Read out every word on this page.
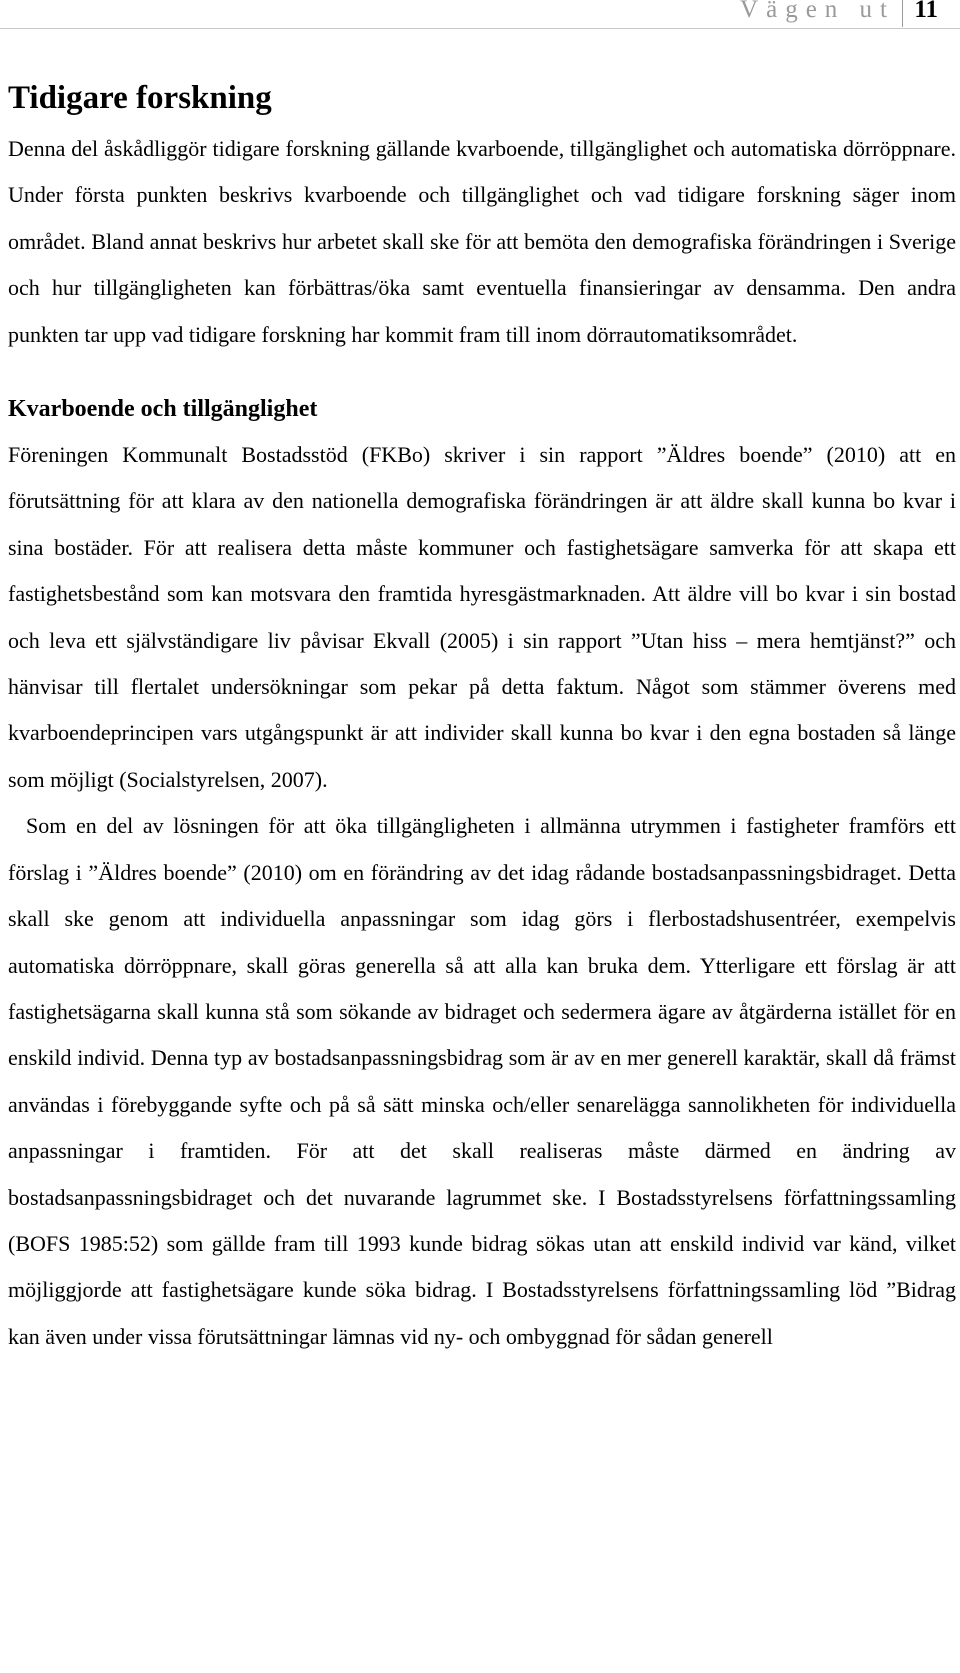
Vägen ut 11
Tidigare forskning

Denna del åskådliggör tidigare forskning gällande kvarboende, tillgänglighet och automatiska dörröppnare. Under första punkten beskrivs kvarboende och tillgänglighet och vad tidigare forskning säger inom området. Bland annat beskrivs hur arbetet skall ske för att bemöta den demografiska förändringen i Sverige och hur tillgängligheten kan förbättras/öka samt eventuella finansieringar av densamma. Den andra punkten tar upp vad tidigare forskning har kommit fram till inom dörrautomatiksområdet.

Kvarboende och tillgänglighet

Föreningen Kommunalt Bostadsstöd (FKBo) skriver i sin rapport ”Äldres boende” (2010) att en förutsättning för att klara av den nationella demografiska förändringen är att äldre skall kunna bo kvar i sina bostäder. För att realisera detta måste kommuner och fastighetsägare samverka för att skapa ett fastighetsbestånd som kan motsvara den framtida hyresgästmarknaden. Att äldre vill bo kvar i sin bostad och leva ett självständigare liv påvisar Ekvall (2005) i sin rapport ”Utan hiss – mera hemtjänst?” och hänvisar till flertalet undersökningar som pekar på detta faktum. Något som stämmer överens med kvarboendeprincipen vars utgångspunkt är att individer skall kunna bo kvar i den egna bostaden så länge som möjligt (Socialstyrelsen, 2007).

Som en del av lösningen för att öka tillgängligheten i allmänna utrymmen i fastigheter framförs ett förslag i ”Äldres boende” (2010) om en förändring av det idag rådande bostadsanpassningsbidraget. Detta skall ske genom att individuella anpassningar som idag görs i flerbostadshusentréer, exempelvis automatiska dörröppnare, skall göras generella så att alla kan bruka dem. Ytterligare ett förslag är att fastighetsägarna skall kunna stå som sökande av bidraget och sedermera ägare av åtgärderna istället för en enskild individ. Denna typ av bostadsanpassningsbidrag som är av en mer generell karaktär, skall då främst användas i förebyggande syfte och på så sätt minska och/eller senarelägga sannolikheten för individuella anpassningar i framtiden. För att det skall realiseras måste därmed en ändring av bostadsanpassningsbidraget och det nuvarande lagrummet ske. I Bostadsstyrelsens författningssamling (BOFS 1985:52) som gällde fram till 1993 kunde bidrag sökas utan att enskild individ var känd, vilket möjliggjorde att fastighetsägare kunde söka bidrag. I Bostadsstyrelsens författningssamling löd ”Bidrag kan även under vissa förutsättningar lämnas vid ny- och ombyggnad för sådan generell
